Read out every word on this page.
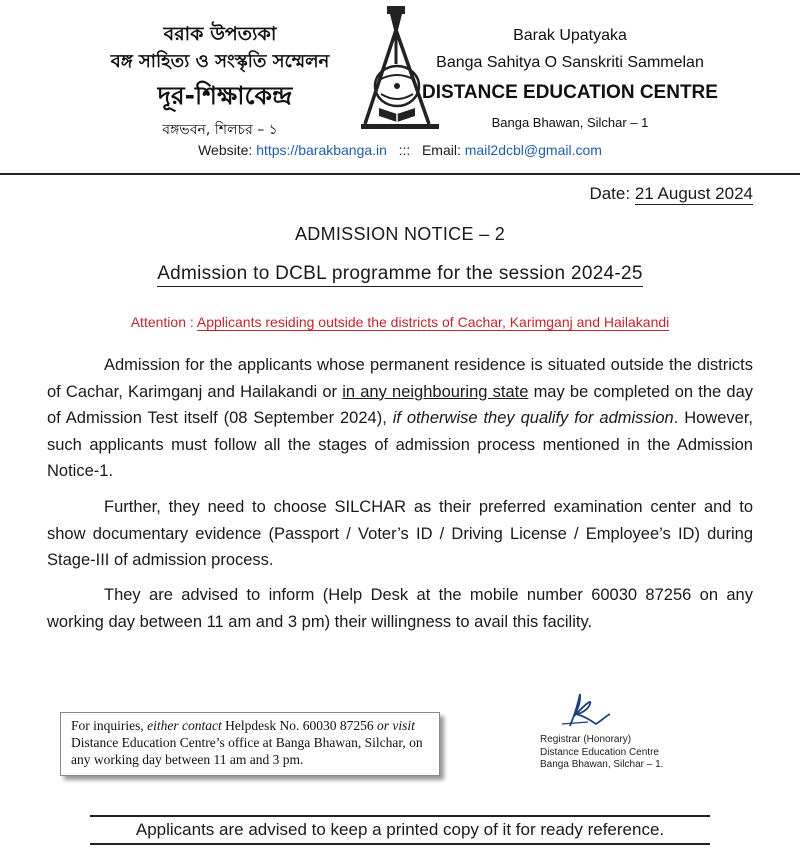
বরাক উপত্যকা
বঙ্গ সাহিত্য ও সংস্কৃতি সম্মেলন
দূর-শিক্ষাকেন্দ্র
বঙ্গভবন, শিলচর – ১
Barak Upatyaka
Banga Sahitya O Sanskriti Sammelan
DISTANCE EDUCATION CENTRE
Banga Bhawan, Silchar – 1
Website: https://barakbanga.in ::: Email: mail2dcbl@gmail.com
Date: 21 August 2024
ADMISSION NOTICE – 2
Admission to DCBL programme for the session 2024-25
Attention : Applicants residing outside the districts of Cachar, Karimganj and Hailakandi
Admission for the applicants whose permanent residence is situated outside the districts of Cachar, Karimganj and Hailakandi or in any neighbouring state may be completed on the day of Admission Test itself (08 September 2024), if otherwise they qualify for admission. However, such applicants must follow all the stages of admission process mentioned in the Admission Notice-1.
Further, they need to choose SILCHAR as their preferred examination center and to show documentary evidence (Passport / Voter’s ID / Driving License / Employee’s ID) during Stage-III of admission process.
They are advised to inform (Help Desk at the mobile number 60030 87256 on any working day between 11 am and 3 pm) their willingness to avail this facility.

For inquiries, either contact Helpdesk No. 60030 87256 or visit Distance Education Centre’s office at Banga Bhawan, Silchar, on any working day between 11 am and 3 pm.

Registrar (Honorary)
Distance Education Centre
Banga Bhawan, Silchar – 1.
Applicants are advised to keep a printed copy of it for ready reference.
